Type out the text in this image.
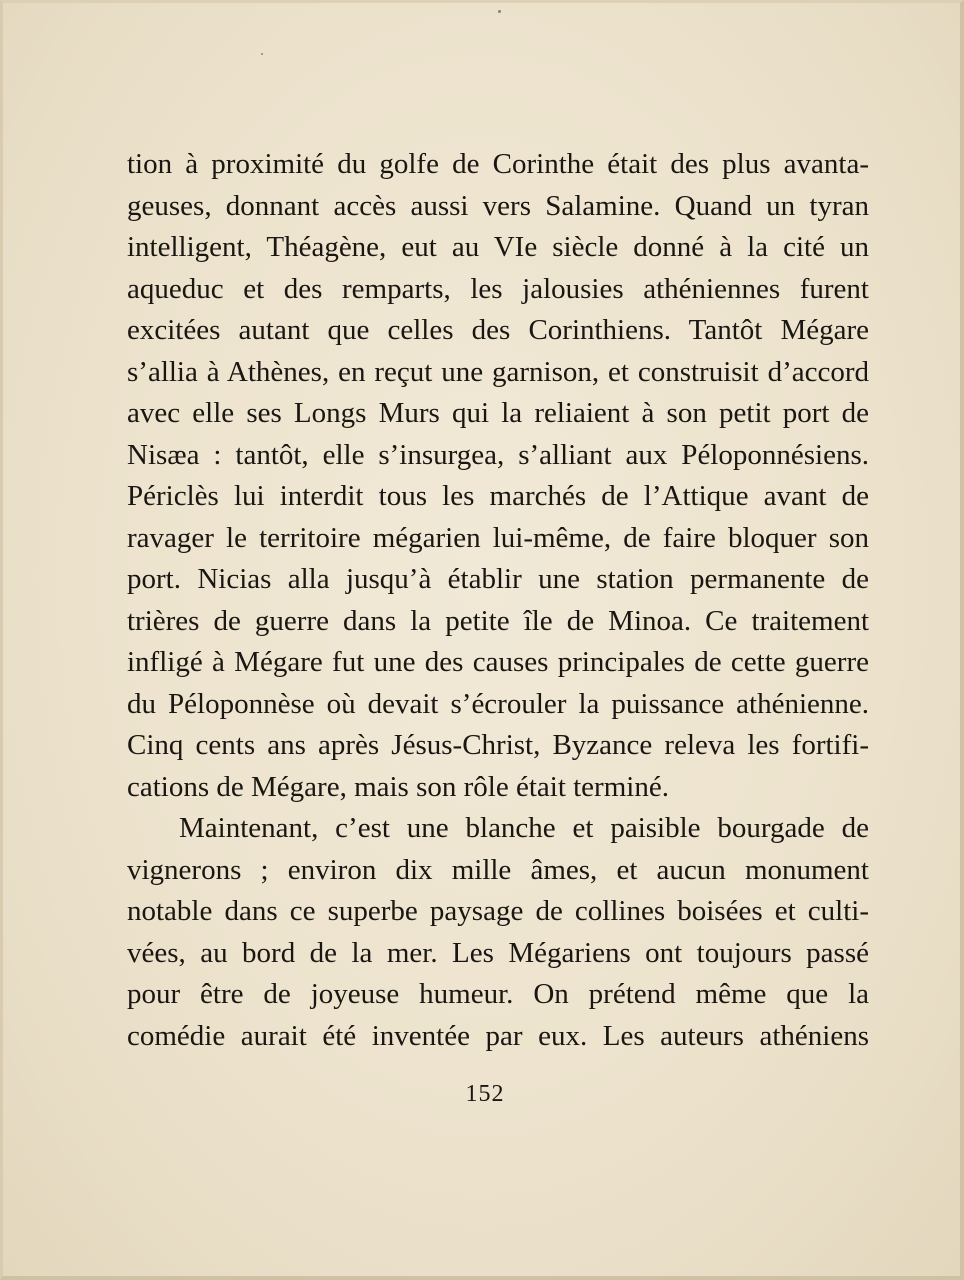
tion à proximité du golfe de Corinthe était des plus avanta-
geuses, donnant accès aussi vers Salamine. Quand un tyran
intelligent, Théagène, eut au VIe siècle donné à la cité un
aqueduc et des remparts, les jalousies athéniennes furent
excitées autant que celles des Corinthiens. Tantôt Mégare
s’allia à Athènes, en reçut une garnison, et construisit d’accord
avec elle ses Longs Murs qui la reliaient à son petit port de
Nisæa : tantôt, elle s’insurgea, s’alliant aux Péloponnésiens.
Périclès lui interdit tous les marchés de l’Attique avant de
ravager le territoire mégarien lui-même, de faire bloquer son
port. Nicias alla jusqu’à établir une station permanente de
trières de guerre dans la petite île de Minoa. Ce traitement
infligé à Mégare fut une des causes principales de cette guerre
du Péloponnèse où devait s’écrouler la puissance athénienne.
Cinq cents ans après Jésus-Christ, Byzance releva les fortifi-
cations de Mégare, mais son rôle était terminé.
Maintenant, c’est une blanche et paisible bourgade de
vignerons ; environ dix mille âmes, et aucun monument
notable dans ce superbe paysage de collines boisées et culti-
vées, au bord de la mer. Les Mégariens ont toujours passé
pour être de joyeuse humeur. On prétend même que la
comédie aurait été inventée par eux. Les auteurs athéniens
152
